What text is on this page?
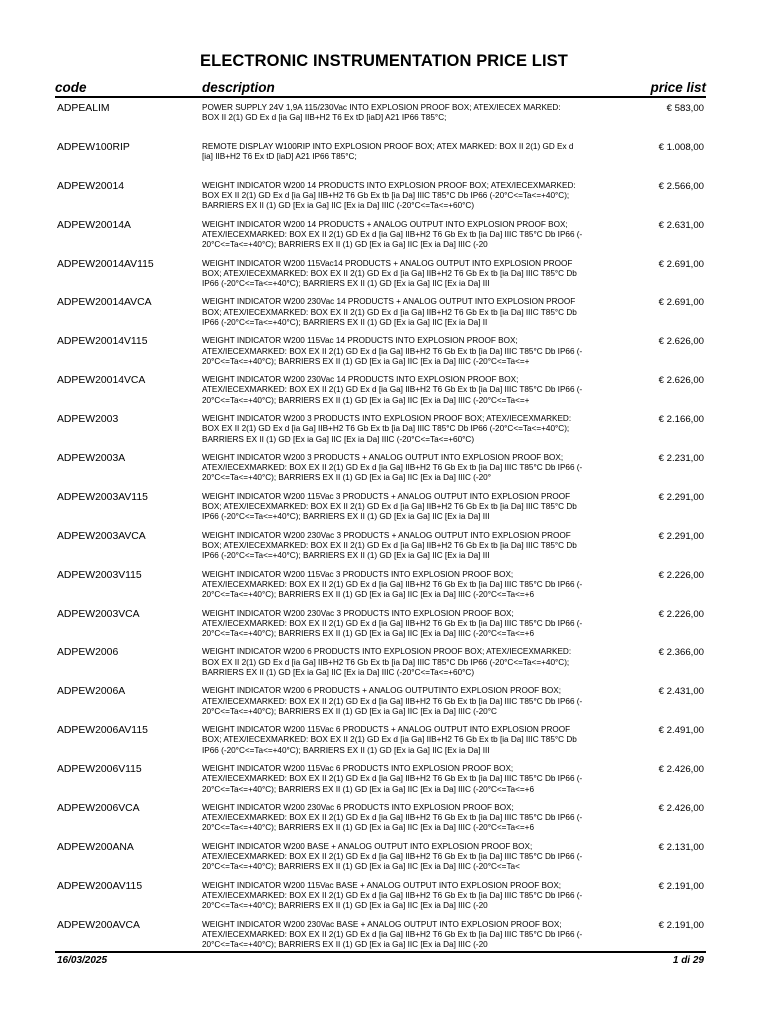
ELECTRONIC INSTRUMENTATION PRICE LIST
code	description	price list
ADPEALIM	POWER SUPPLY 24V 1,9A 115/230Vac INTO EXPLOSION PROOF BOX; ATEX/IECEX MARKED:
BOX II 2(1) GD Ex d [ia Ga] IIB+H2 T6 Ex tD [iaD] A21 IP66 T85°C;
€ 583,00
ADPEW100RIP	REMOTE DISPLAY W100RIP INTO EXPLOSION PROOF BOX; ATEX MARKED: BOX II 2(1) GD Ex d
[ia] IIB+H2 T6 Ex tD [iaD] A21 IP66 T85°C;
€ 1.008,00
ADPEW20014	WEIGHT INDICATOR W200 14 PRODUCTS INTO EXPLOSION PROOF BOX; ATEX/IECEXMARKED:
BOX EX II 2(1) GD Ex d [ia Ga] IIB+H2 T6 Gb Ex tb [ia Da] IIIC T85°C Db IP66 (-20°C<=Ta<=+40°C);
BARRIERS EX II (1) GD [Ex ia Ga] IIC [Ex ia Da] IIIC (-20°C<=Ta<=+60°C)
€ 2.566,00
ADPEW20014A	WEIGHT INDICATOR W200 14 PRODUCTS + ANALOG OUTPUT INTO EXPLOSION PROOF BOX;
ATEX/IECEXMARKED: BOX EX II 2(1) GD Ex d [ia Ga] IIB+H2 T6 Gb Ex tb [ia Da] IIIC T85°C Db IP66 (-
20°C<=Ta<=+40°C); BARRIERS EX II (1) GD [Ex ia Ga] IIC [Ex ia Da] IIIC (-20
€ 2.631,00
ADPEW20014AV115	WEIGHT INDICATOR W200 115Vac14 PRODUCTS + ANALOG OUTPUT INTO EXPLOSION PROOF
BOX; ATEX/IECEXMARKED: BOX EX II 2(1) GD Ex d [ia Ga] IIB+H2 T6 Gb Ex tb [ia Da] IIIC T85°C Db
IP66 (-20°C<=Ta<=+40°C); BARRIERS EX II (1) GD [Ex ia Ga] IIC [Ex ia Da] III
€ 2.691,00
ADPEW20014AVCA	WEIGHT INDICATOR W200 230Vac 14 PRODUCTS + ANALOG OUTPUT INTO EXPLOSION PROOF
BOX; ATEX/IECEXMARKED: BOX EX II 2(1) GD Ex d [ia Ga] IIB+H2 T6 Gb Ex tb [ia Da] IIIC T85°C Db
IP66 (-20°C<=Ta<=+40°C); BARRIERS EX II (1) GD [Ex ia Ga] IIC [Ex ia Da] II
€ 2.691,00
ADPEW20014V115	WEIGHT INDICATOR W200 115Vac 14 PRODUCTS INTO EXPLOSION PROOF BOX;
ATEX/IECEXMARKED: BOX EX II 2(1) GD Ex d [ia Ga] IIB+H2 T6 Gb Ex tb [ia Da] IIIC T85°C Db IP66 (-
20°C<=Ta<=+40°C); BARRIERS EX II (1) GD [Ex ia Ga] IIC [Ex ia Da] IIIC (-20°C<=Ta<=+
€ 2.626,00
ADPEW20014VCA	WEIGHT INDICATOR W200 230Vac 14 PRODUCTS INTO EXPLOSION PROOF BOX;
ATEX/IECEXMARKED: BOX EX II 2(1) GD Ex d [ia Ga] IIB+H2 T6 Gb Ex tb [ia Da] IIIC T85°C Db IP66 (-
20°C<=Ta<=+40°C); BARRIERS EX II (1) GD [Ex ia Ga] IIC [Ex ia Da] IIIC (-20°C<=Ta<=+
€ 2.626,00
ADPEW2003	WEIGHT INDICATOR W200 3 PRODUCTS INTO EXPLOSION PROOF BOX; ATEX/IECEXMARKED:
BOX EX II 2(1) GD Ex d [ia Ga] IIB+H2 T6 Gb Ex tb [ia Da] IIIC T85°C Db IP66 (-20°C<=Ta<=+40°C);
BARRIERS EX II (1) GD [Ex ia Ga] IIC [Ex ia Da] IIIC (-20°C<=Ta<=+60°C)
€ 2.166,00
ADPEW2003A	WEIGHT INDICATOR W200 3 PRODUCTS + ANALOG OUTPUT INTO EXPLOSION PROOF BOX;
ATEX/IECEXMARKED: BOX EX II 2(1) GD Ex d [ia Ga] IIB+H2 T6 Gb Ex tb [ia Da] IIIC T85°C Db IP66 (-
20°C<=Ta<=+40°C); BARRIERS EX II (1) GD [Ex ia Ga] IIC [Ex ia Da] IIIC (-20°
€ 2.231,00
ADPEW2003AV115	WEIGHT INDICATOR W200 115Vac 3 PRODUCTS + ANALOG OUTPUT INTO EXPLOSION PROOF
BOX; ATEX/IECEXMARKED: BOX EX II 2(1) GD Ex d [ia Ga] IIB+H2 T6 Gb Ex tb [ia Da] IIIC T85°C Db
IP66 (-20°C<=Ta<=+40°C); BARRIERS EX II (1) GD [Ex ia Ga] IIC [Ex ia Da] III
€ 2.291,00
ADPEW2003AVCA	WEIGHT INDICATOR W200 230Vac 3 PRODUCTS + ANALOG OUTPUT INTO EXPLOSION PROOF
BOX; ATEX/IECEXMARKED: BOX EX II 2(1) GD Ex d [ia Ga] IIB+H2 T6 Gb Ex tb [ia Da] IIIC T85°C Db
IP66 (-20°C<=Ta<=+40°C); BARRIERS EX II (1) GD [Ex ia Ga] IIC [Ex ia Da] III
€ 2.291,00
ADPEW2003V115	WEIGHT INDICATOR W200 115Vac 3 PRODUCTS INTO EXPLOSION PROOF BOX;
ATEX/IECEXMARKED: BOX EX II 2(1) GD Ex d [ia Ga] IIB+H2 T6 Gb Ex tb [ia Da] IIIC T85°C Db IP66 (-
20°C<=Ta<=+40°C); BARRIERS EX II (1) GD [Ex ia Ga] IIC [Ex ia Da] IIIC (-20°C<=Ta<=+6
€ 2.226,00
ADPEW2003VCA	WEIGHT INDICATOR W200 230Vac 3 PRODUCTS INTO EXPLOSION PROOF BOX;
ATEX/IECEXMARKED: BOX EX II 2(1) GD Ex d [ia Ga] IIB+H2 T6 Gb Ex tb [ia Da] IIIC T85°C Db IP66 (-
20°C<=Ta<=+40°C); BARRIERS EX II (1) GD [Ex ia Ga] IIC [Ex ia Da] IIIC (-20°C<=Ta<=+6
€ 2.226,00
ADPEW2006	WEIGHT INDICATOR W200 6 PRODUCTS INTO EXPLOSION PROOF BOX; ATEX/IECEXMARKED:
BOX EX II 2(1) GD Ex d [ia Ga] IIB+H2 T6 Gb Ex tb [ia Da] IIIC T85°C Db IP66 (-20°C<=Ta<=+40°C);
BARRIERS EX II (1) GD [Ex ia Ga] IIC [Ex ia Da] IIIC (-20°C<=Ta<=+60°C)
€ 2.366,00
ADPEW2006A	WEIGHT INDICATOR W200 6 PRODUCTS + ANALOG OUTPUTINTO EXPLOSION PROOF BOX;
ATEX/IECEXMARKED: BOX EX II 2(1) GD Ex d [ia Ga] IIB+H2 T6 Gb Ex tb [ia Da] IIIC T85°C Db IP66 (-
20°C<=Ta<=+40°C); BARRIERS EX II (1) GD [Ex ia Ga] IIC [Ex ia Da] IIIC (-20°C
€ 2.431,00
ADPEW2006AV115	WEIGHT INDICATOR W200 115Vac 6 PRODUCTS + ANALOG OUTPUT INTO EXPLOSION PROOF
BOX; ATEX/IECEXMARKED: BOX EX II 2(1) GD Ex d [ia Ga] IIB+H2 T6 Gb Ex tb [ia Da] IIIC T85°C Db
IP66 (-20°C<=Ta<=+40°C); BARRIERS EX II (1) GD [Ex ia Ga] IIC [Ex ia Da] III
€ 2.491,00
ADPEW2006V115	WEIGHT INDICATOR W200 115Vac 6 PRODUCTS INTO EXPLOSION PROOF BOX;
ATEX/IECEXMARKED: BOX EX II 2(1) GD Ex d [ia Ga] IIB+H2 T6 Gb Ex tb [ia Da] IIIC T85°C Db IP66 (-
20°C<=Ta<=+40°C); BARRIERS EX II (1) GD [Ex ia Ga] IIC [Ex ia Da] IIIC (-20°C<=Ta<=+6
€ 2.426,00
ADPEW2006VCA	WEIGHT INDICATOR W200 230Vac 6 PRODUCTS INTO EXPLOSION PROOF BOX;
ATEX/IECEXMARKED: BOX EX II 2(1) GD Ex d [ia Ga] IIB+H2 T6 Gb Ex tb [ia Da] IIIC T85°C Db IP66 (-
20°C<=Ta<=+40°C); BARRIERS EX II (1) GD [Ex ia Ga] IIC [Ex ia Da] IIIC (-20°C<=Ta<=+6
€ 2.426,00
ADPEW200ANA	WEIGHT INDICATOR W200 BASE + ANALOG OUTPUT INTO EXPLOSION PROOF BOX;
ATEX/IECEXMARKED: BOX EX II 2(1) GD Ex d [ia Ga] IIB+H2 T6 Gb Ex tb [ia Da] IIIC T85°C Db IP66 (-
20°C<=Ta<=+40°C); BARRIERS EX II (1) GD [Ex ia Ga] IIC [Ex ia Da] IIIC (-20°C<=Ta<
€ 2.131,00
ADPEW200AV115	WEIGHT INDICATOR W200 115Vac BASE + ANALOG OUTPUT INTO EXPLOSION PROOF BOX;
ATEX/IECEXMARKED: BOX EX II 2(1) GD Ex d [ia Ga] IIB+H2 T6 Gb Ex tb [ia Da] IIIC T85°C Db IP66 (-
20°C<=Ta<=+40°C); BARRIERS EX II (1) GD [Ex ia Ga] IIC [Ex ia Da] IIIC (-20
€ 2.191,00
ADPEW200AVCA	WEIGHT INDICATOR W200 230Vac BASE + ANALOG OUTPUT INTO EXPLOSION PROOF BOX;
ATEX/IECEXMARKED: BOX EX II 2(1) GD Ex d [ia Ga] IIB+H2 T6 Gb Ex tb [ia Da] IIIC T85°C Db IP66 (-
20°C<=Ta<=+40°C); BARRIERS EX II (1) GD [Ex ia Ga] IIC [Ex ia Da] IIIC (-20
€ 2.191,00
16/03/2025	1 di 29
